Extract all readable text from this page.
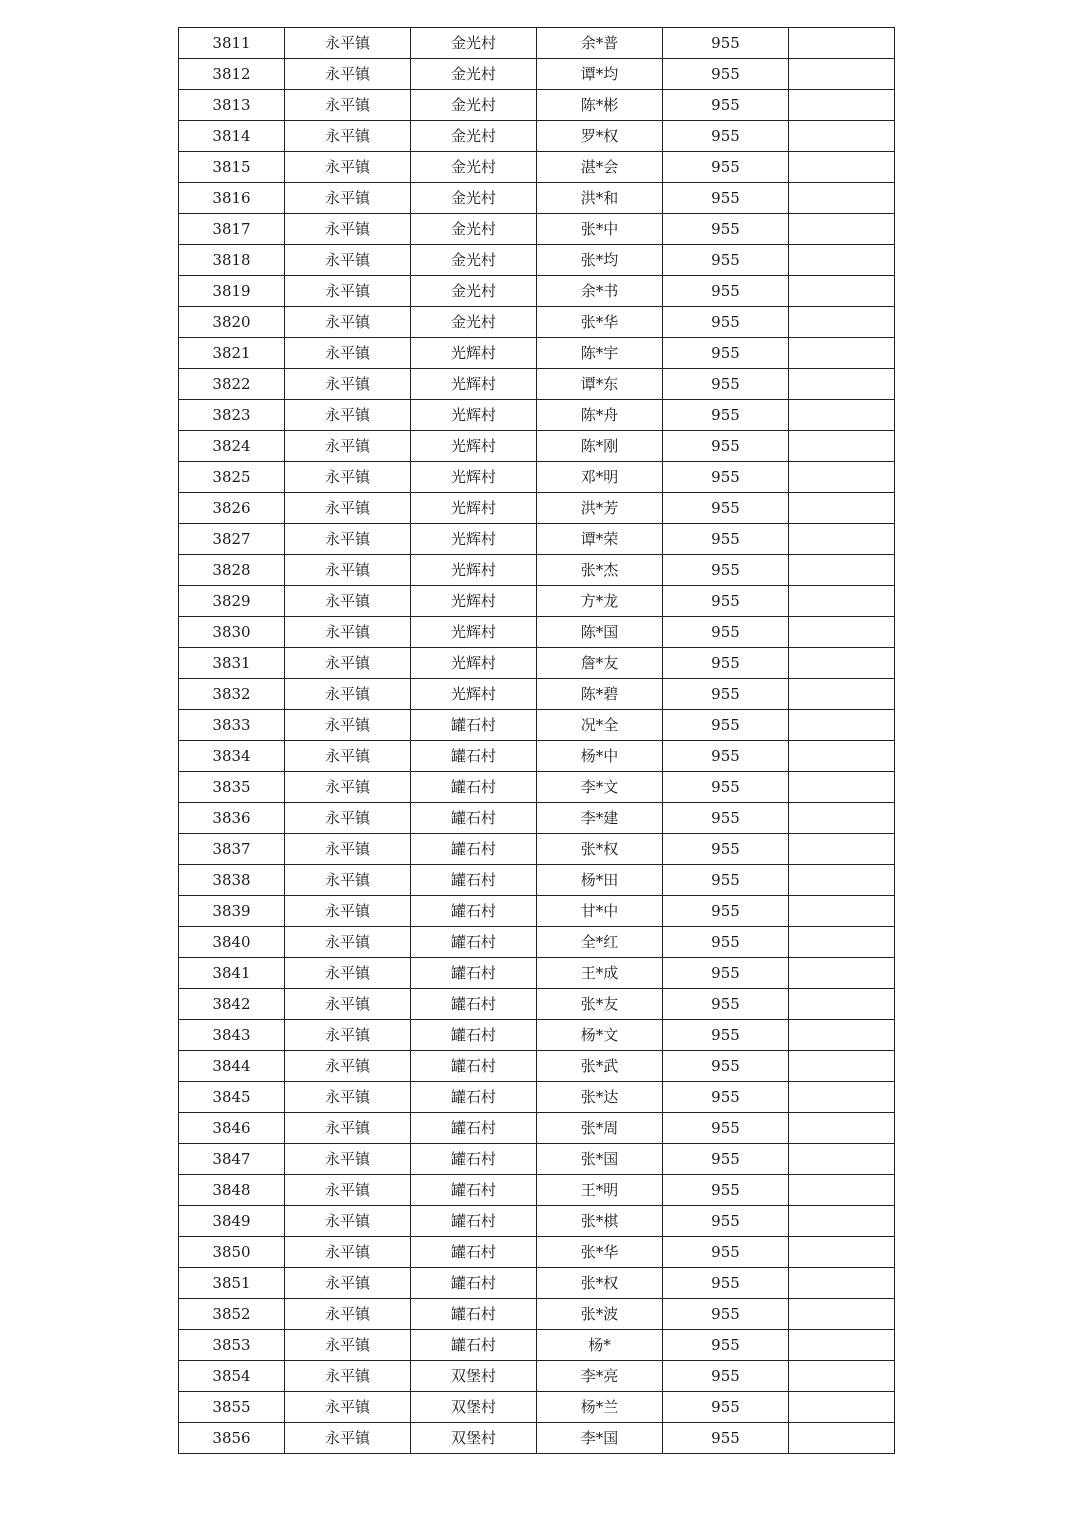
3811	永平镇	金光村	余*普	955	
3812	永平镇	金光村	谭*均	955	
3813	永平镇	金光村	陈*彬	955	
3814	永平镇	金光村	罗*权	955	
3815	永平镇	金光村	湛*会	955	
3816	永平镇	金光村	洪*和	955	
3817	永平镇	金光村	张*中	955	
3818	永平镇	金光村	张*均	955	
3819	永平镇	金光村	余*书	955	
3820	永平镇	金光村	张*华	955	
3821	永平镇	光辉村	陈*宇	955	
3822	永平镇	光辉村	谭*东	955	
3823	永平镇	光辉村	陈*舟	955	
3824	永平镇	光辉村	陈*刚	955	
3825	永平镇	光辉村	邓*明	955	
3826	永平镇	光辉村	洪*芳	955	
3827	永平镇	光辉村	谭*荣	955	
3828	永平镇	光辉村	张*杰	955	
3829	永平镇	光辉村	方*龙	955	
3830	永平镇	光辉村	陈*国	955	
3831	永平镇	光辉村	詹*友	955	
3832	永平镇	光辉村	陈*碧	955	
3833	永平镇	罐石村	况*全	955	
3834	永平镇	罐石村	杨*中	955	
3835	永平镇	罐石村	李*文	955	
3836	永平镇	罐石村	李*建	955	
3837	永平镇	罐石村	张*权	955	
3838	永平镇	罐石村	杨*田	955	
3839	永平镇	罐石村	甘*中	955	
3840	永平镇	罐石村	全*红	955	
3841	永平镇	罐石村	王*成	955	
3842	永平镇	罐石村	张*友	955	
3843	永平镇	罐石村	杨*文	955	
3844	永平镇	罐石村	张*武	955	
3845	永平镇	罐石村	张*达	955	
3846	永平镇	罐石村	张*周	955	
3847	永平镇	罐石村	张*国	955	
3848	永平镇	罐石村	王*明	955	
3849	永平镇	罐石村	张*棋	955	
3850	永平镇	罐石村	张*华	955	
3851	永平镇	罐石村	张*权	955	
3852	永平镇	罐石村	张*波	955	
3853	永平镇	罐石村	杨*	955	
3854	永平镇	双堡村	李*亮	955	
3855	永平镇	双堡村	杨*兰	955	
3856	永平镇	双堡村	李*国	955	
